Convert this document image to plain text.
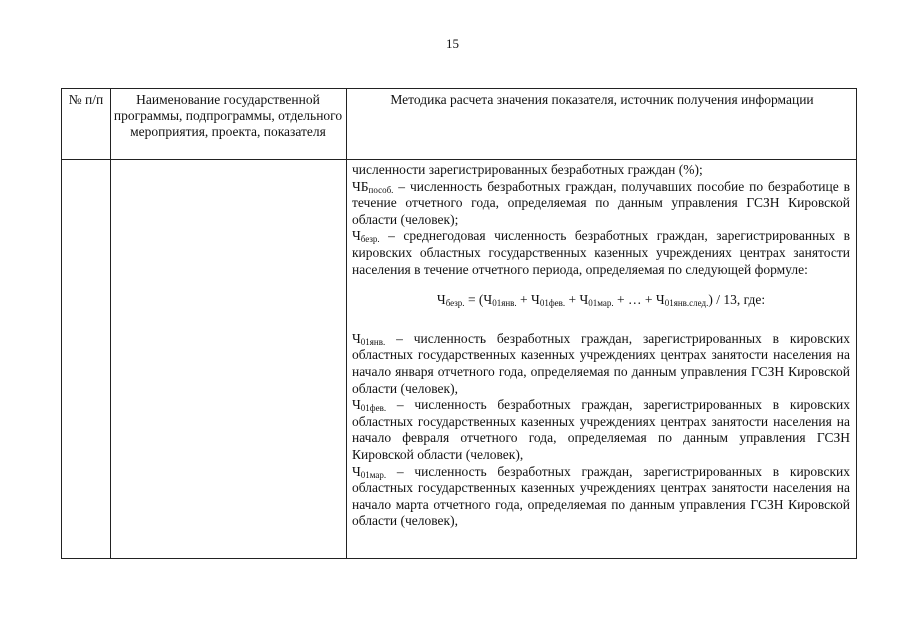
15
№ п/п	Наименование государственной программы, подпрограммы, отдельного мероприятия, проекта, показателя
Методика расчета значения показателя, источник получения информации

численности зарегистрированных безработных граждан (%);

$ЧБ_{пособ.}$ – численность безработных граждан, получавших пособие по безработице в течение отчетного года, определяемая по данным управления ГСЗН Кировской области (человек);

$Ч_{безр.}$ – среднегодовая численность безработных граждан, зарегистрированных в кировских областных государственных казенных учреждениях центрах занятости населения в течение отчетного периода, определяемая по следующей формуле:

$Ч_{безр.} = (Ч_{01янв.} + Ч_{01фев.} + Ч_{01мар.}$ + … + $Ч_{01янв.след.}) / 13$, где:

$Ч_{01янв.}$ – численность безработных граждан, зарегистрированных в кировских областных государственных казенных учреждениях центрах занятости населения на начало января отчетного года, определяемая по данным управления ГСЗН Кировской области (человек),

$Ч_{01фев.}$ – численность безработных граждан, зарегистрированных в кировских областных государственных казенных учреждениях центрах занятости населения на начало февраля отчетного года, определяемая по данным управления ГСЗН Кировской области (человек),

$Ч_{01мар.}$ – численность безработных граждан, зарегистрированных в кировских областных государственных казенных учреждениях центрах занятости населения на начало марта отчетного года, определяемая по данным управления ГСЗН Кировской области (человек),
